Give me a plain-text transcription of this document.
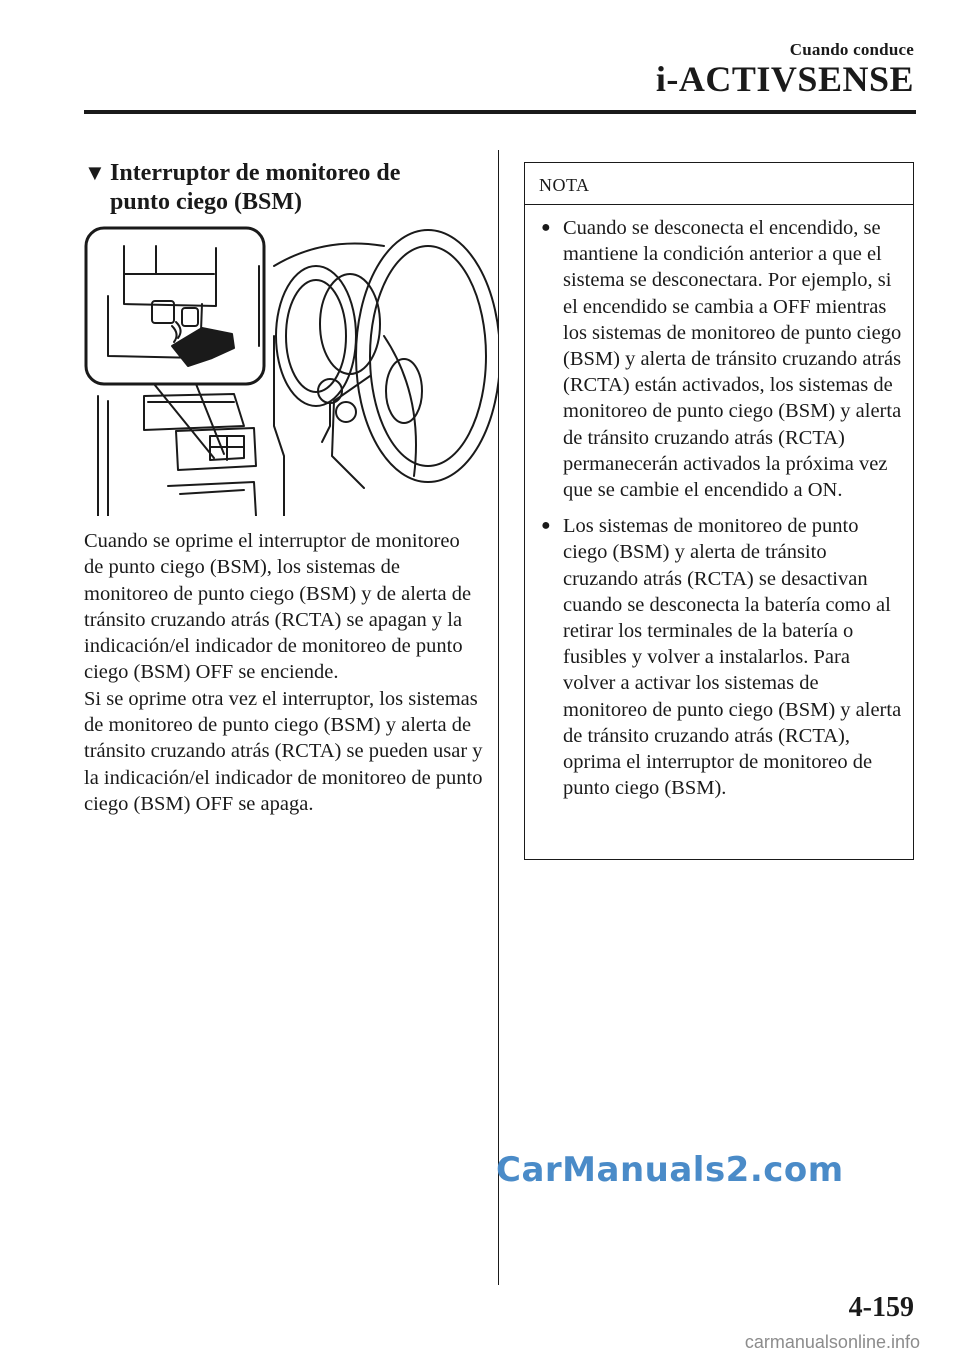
Cuando conduce
i-ACTIVSENSE
▼ Interruptor de monitoreo de
punto ciego (BSM)

Cuando se oprime el interruptor de monitoreo de punto ciego (BSM), los sistemas de monitoreo de punto ciego (BSM) y de alerta de tránsito cruzando atrás (RCTA) se apagan y la indicación/el indicador de monitoreo de punto ciego (BSM) OFF se enciende.

Si se oprime otra vez el interruptor, los sistemas de monitoreo de punto ciego (BSM) y alerta de tránsito cruzando atrás (RCTA) se pueden usar y la indicación/el indicador de monitoreo de punto ciego (BSM) OFF se apaga.

NOTA
● Cuando se desconecta el encendido, se mantiene la condición anterior a que el sistema se desconectara. Por ejemplo, si el encendido se cambia a OFF mientras los sistemas de monitoreo de punto ciego (BSM) y alerta de tránsito cruzando atrás (RCTA) están activados, los sistemas de monitoreo de punto ciego (BSM) y alerta de tránsito cruzando atrás (RCTA) permanecerán activados la próxima vez que se cambie el encendido a ON.
● Los sistemas de monitoreo de punto ciego (BSM) y alerta de tránsito cruzando atrás (RCTA) se desactivan cuando se desconecta la batería como al retirar los terminales de la batería o fusibles y volver a instalarlos. Para volver a activar los sistemas de monitoreo de punto ciego (BSM) y alerta de tránsito cruzando atrás (RCTA), oprima el interruptor de monitoreo de punto ciego (BSM).
CarManuals2.com
4-159
carmanualsonline.info
